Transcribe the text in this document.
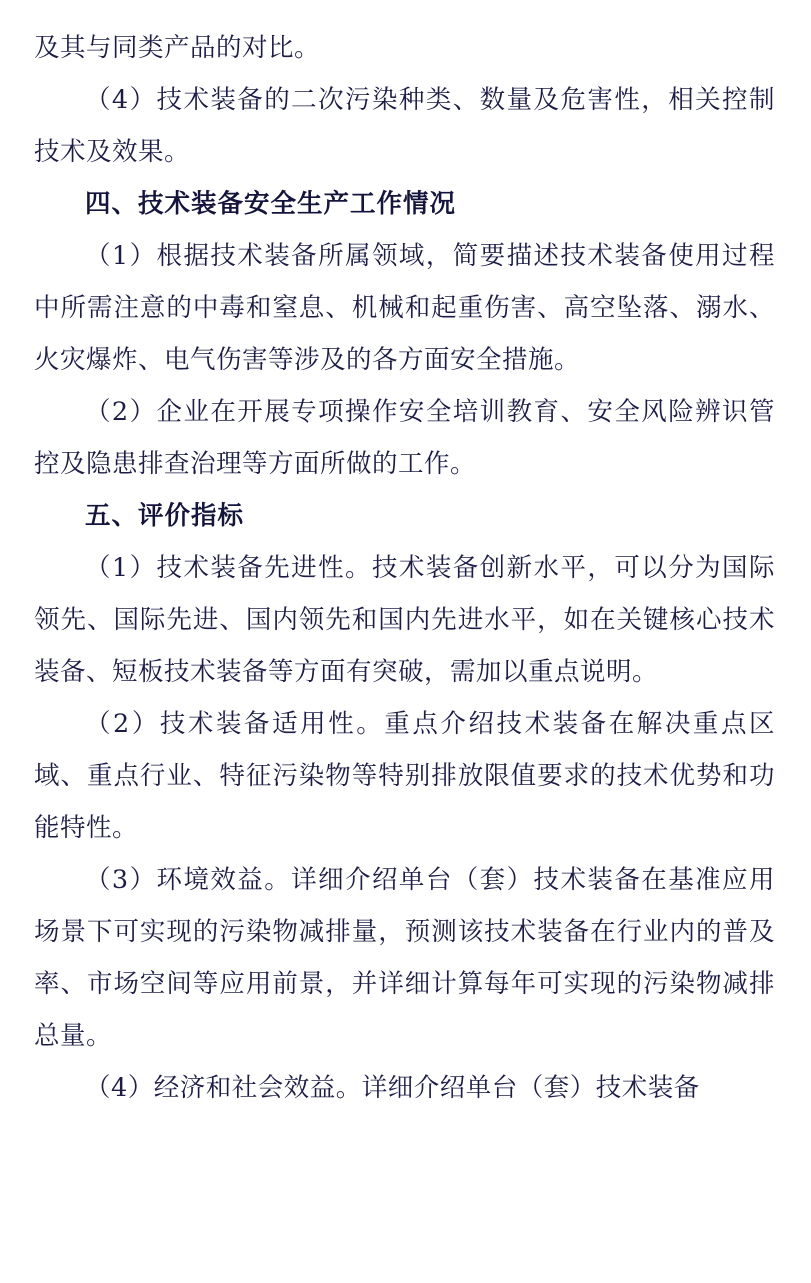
及其与同类产品的对比。

（4）技术装备的二次污染种类、数量及危害性，相关控制技术及效果。

四、技术装备安全生产工作情况

（1）根据技术装备所属领域，简要描述技术装备使用过程中所需注意的中毒和窒息、机械和起重伤害、高空坠落、溺水、火灾爆炸、电气伤害等涉及的各方面安全措施。

（2）企业在开展专项操作安全培训教育、安全风险辨识管控及隐患排查治理等方面所做的工作。

五、评价指标

（1）技术装备先进性。技术装备创新水平，可以分为国际领先、国际先进、国内领先和国内先进水平，如在关键核心技术装备、短板技术装备等方面有突破，需加以重点说明。

（2）技术装备适用性。重点介绍技术装备在解决重点区域、重点行业、特征污染物等特别排放限值要求的技术优势和功能特性。

（3）环境效益。详细介绍单台（套）技术装备在基准应用场景下可实现的污染物减排量，预测该技术装备在行业内的普及率、市场空间等应用前景，并详细计算每年可实现的污染物减排总量。

（4）经济和社会效益。详细介绍单台（套）技术装备
